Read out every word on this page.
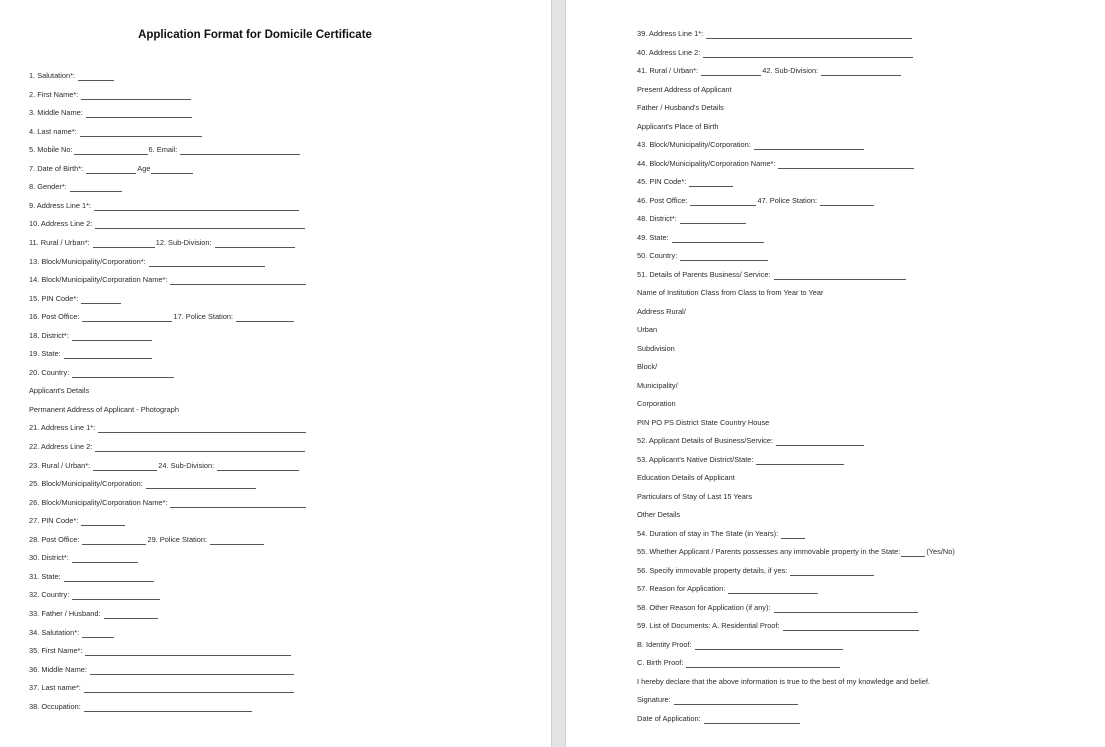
Application Format for Domicile Certificate
1. Salutation*:
2. First Name*:
3. Middle Name:
4. Last name*:
5. Mobile No:	6. Email:
7. Date of Birth*:	Age
8. Gender*:
9. Address Line 1*:
10. Address Line 2:
11. Rural / Urban*:	12. Sub-Division:
13. Block/Municipality/Corporation*:
14. Block/Municipality/Corporation Name*:
15. PIN Code*:
16. Post Office:	17. Police Station:
18. District*:
19. State:
20. Country:
Applicant's Details
Permanent Address of Applicant - Photograph
21. Address Line 1*:
22. Address Line 2:
23. Rural / Urban*:	24. Sub-Division:
25. Block/Municipality/Corporation:
26. Block/Municipality/Corporation Name*:
27. PIN Code*:
28. Post Office:	29. Police Station:
30. District*:
31. State:
32. Country:
33. Father / Husband:
34. Salutation*:
35. First Name*:
36. Middle Name:
37. Last name*:
38. Occupation:
39. Address Line 1*:
40. Address Line 2:
41. Rural / Urban*:	42. Sub-Division:
Present Address of Applicant
Father / Husband's Details
Applicant's Place of Birth
43. Block/Municipality/Corporation:
44. Block/Municipality/Corporation Name*:
45. PIN Code*:
46. Post Office:	47. Police Station:
48. District*:
49. State:
50. Country:
51. Details of Parents Business/ Service:
Name of Institution Class from Class to from Year to Year
Address Rural/
Urban
Subdivision
Block/
Municipality/
Corporation
PIN PO PS District State Country House
52. Applicant Details of Business/Service:
53. Applicant's Native District/State:
Education Details of Applicant
Particulars of Stay of Last 15 Years
Other Details
54. Duration of stay in The State (in Years):
55. Whether Applicant / Parents possesses any immovable property in the State:	(Yes/No)
56. Specify immovable property details, if yes:
57. Reason for Application:
58. Other Reason for Application (if any):
59. List of Documents: A. Residential Proof:
B. Identity Proof:
C. Birth Proof:
I hereby declare that the above information is true to the best of my knowledge and belief.
Signature:
Date of Application:
